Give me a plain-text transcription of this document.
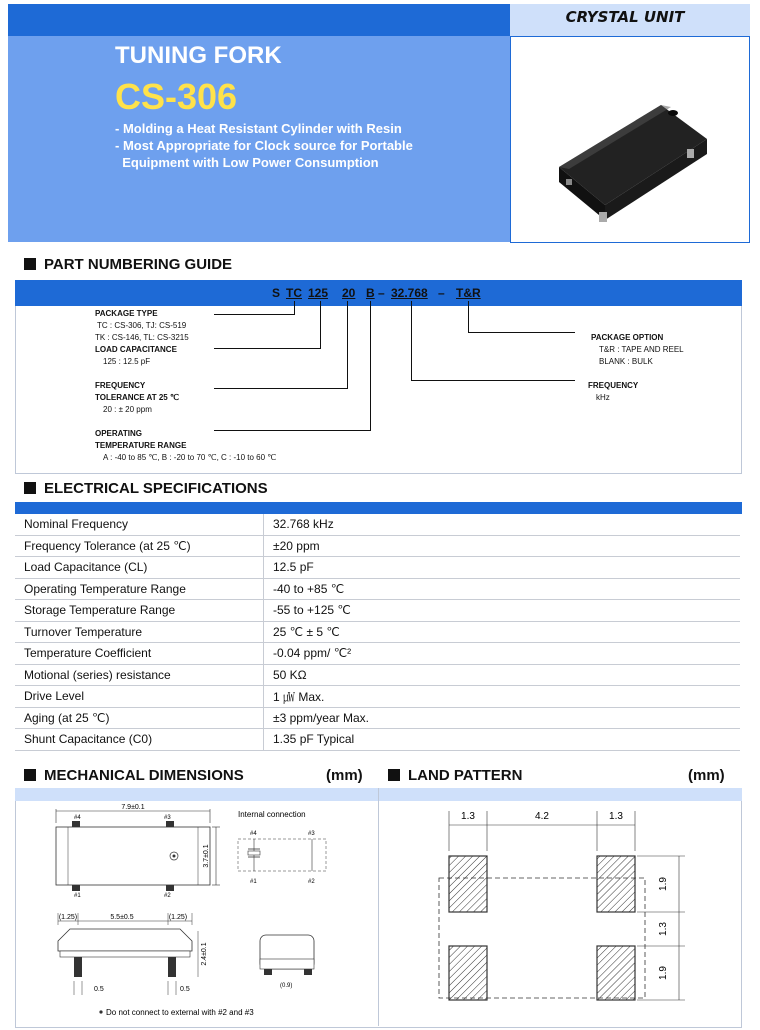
CRYSTAL UNIT
TUNING FORK
CS-306
- Molding a Heat Resistant Cylinder with Resin
- Most Appropriate for Clock source for Portable
Equipment with Low Power Consumption
PART NUMBERING GUIDE
S TC 125 20 B – 32.768 – T&R
PACKAGE TYPE
TC : CS-306, TJ: CS-519
TK : CS-146, TL: CS-3215
LOAD CAPACITANCE
125 : 12.5 pF
FREQUENCY
TOLERANCE AT 25 ℃
20 : ± 20 ppm
OPERATING
TEMPERATURE RANGE
A : -40 to 85 ℃, B : -20 to 70 ℃, C : -10 to 60 ℃
PACKAGE OPTION
T&R : TAPE AND REEL
BLANK : BULK
FREQUENCY
kHz
ELECTRICAL SPECIFICATIONS
Nominal Frequency	32.768 kHz
Frequency Tolerance (at 25 ℃)	±20 ppm
Load Capacitance (CL)	12.5 pF
Operating Temperature Range	-40 to +85 ℃
Storage Temperature Range	-55 to +125 ℃
Turnover Temperature	25 ℃ ± 5 ℃
Temperature Coefficient	-0.04 ppm/ ℃²
Motional (series) resistance	50 KΩ
Drive Level	1 ㎼ Max.
Aging (at 25 ℃)	±3 ppm/year Max.
Shunt Capacitance (C0)	1.35 pF Typical
MECHANICAL DIMENSIONS	(mm)	LAND PATTERN	(mm)
7.9±0.1
#4	#3
#1	#2
3.7±0.1
Internal connection
#4	#3
#1	#2
(1.25)	5.5±0.5	(1.25)
2.4±0.1
0.5	0.5	(0.9)
Do not connect to external with #2 and #3
1.3	4.2	1.3
1.9
1.3
1.9
